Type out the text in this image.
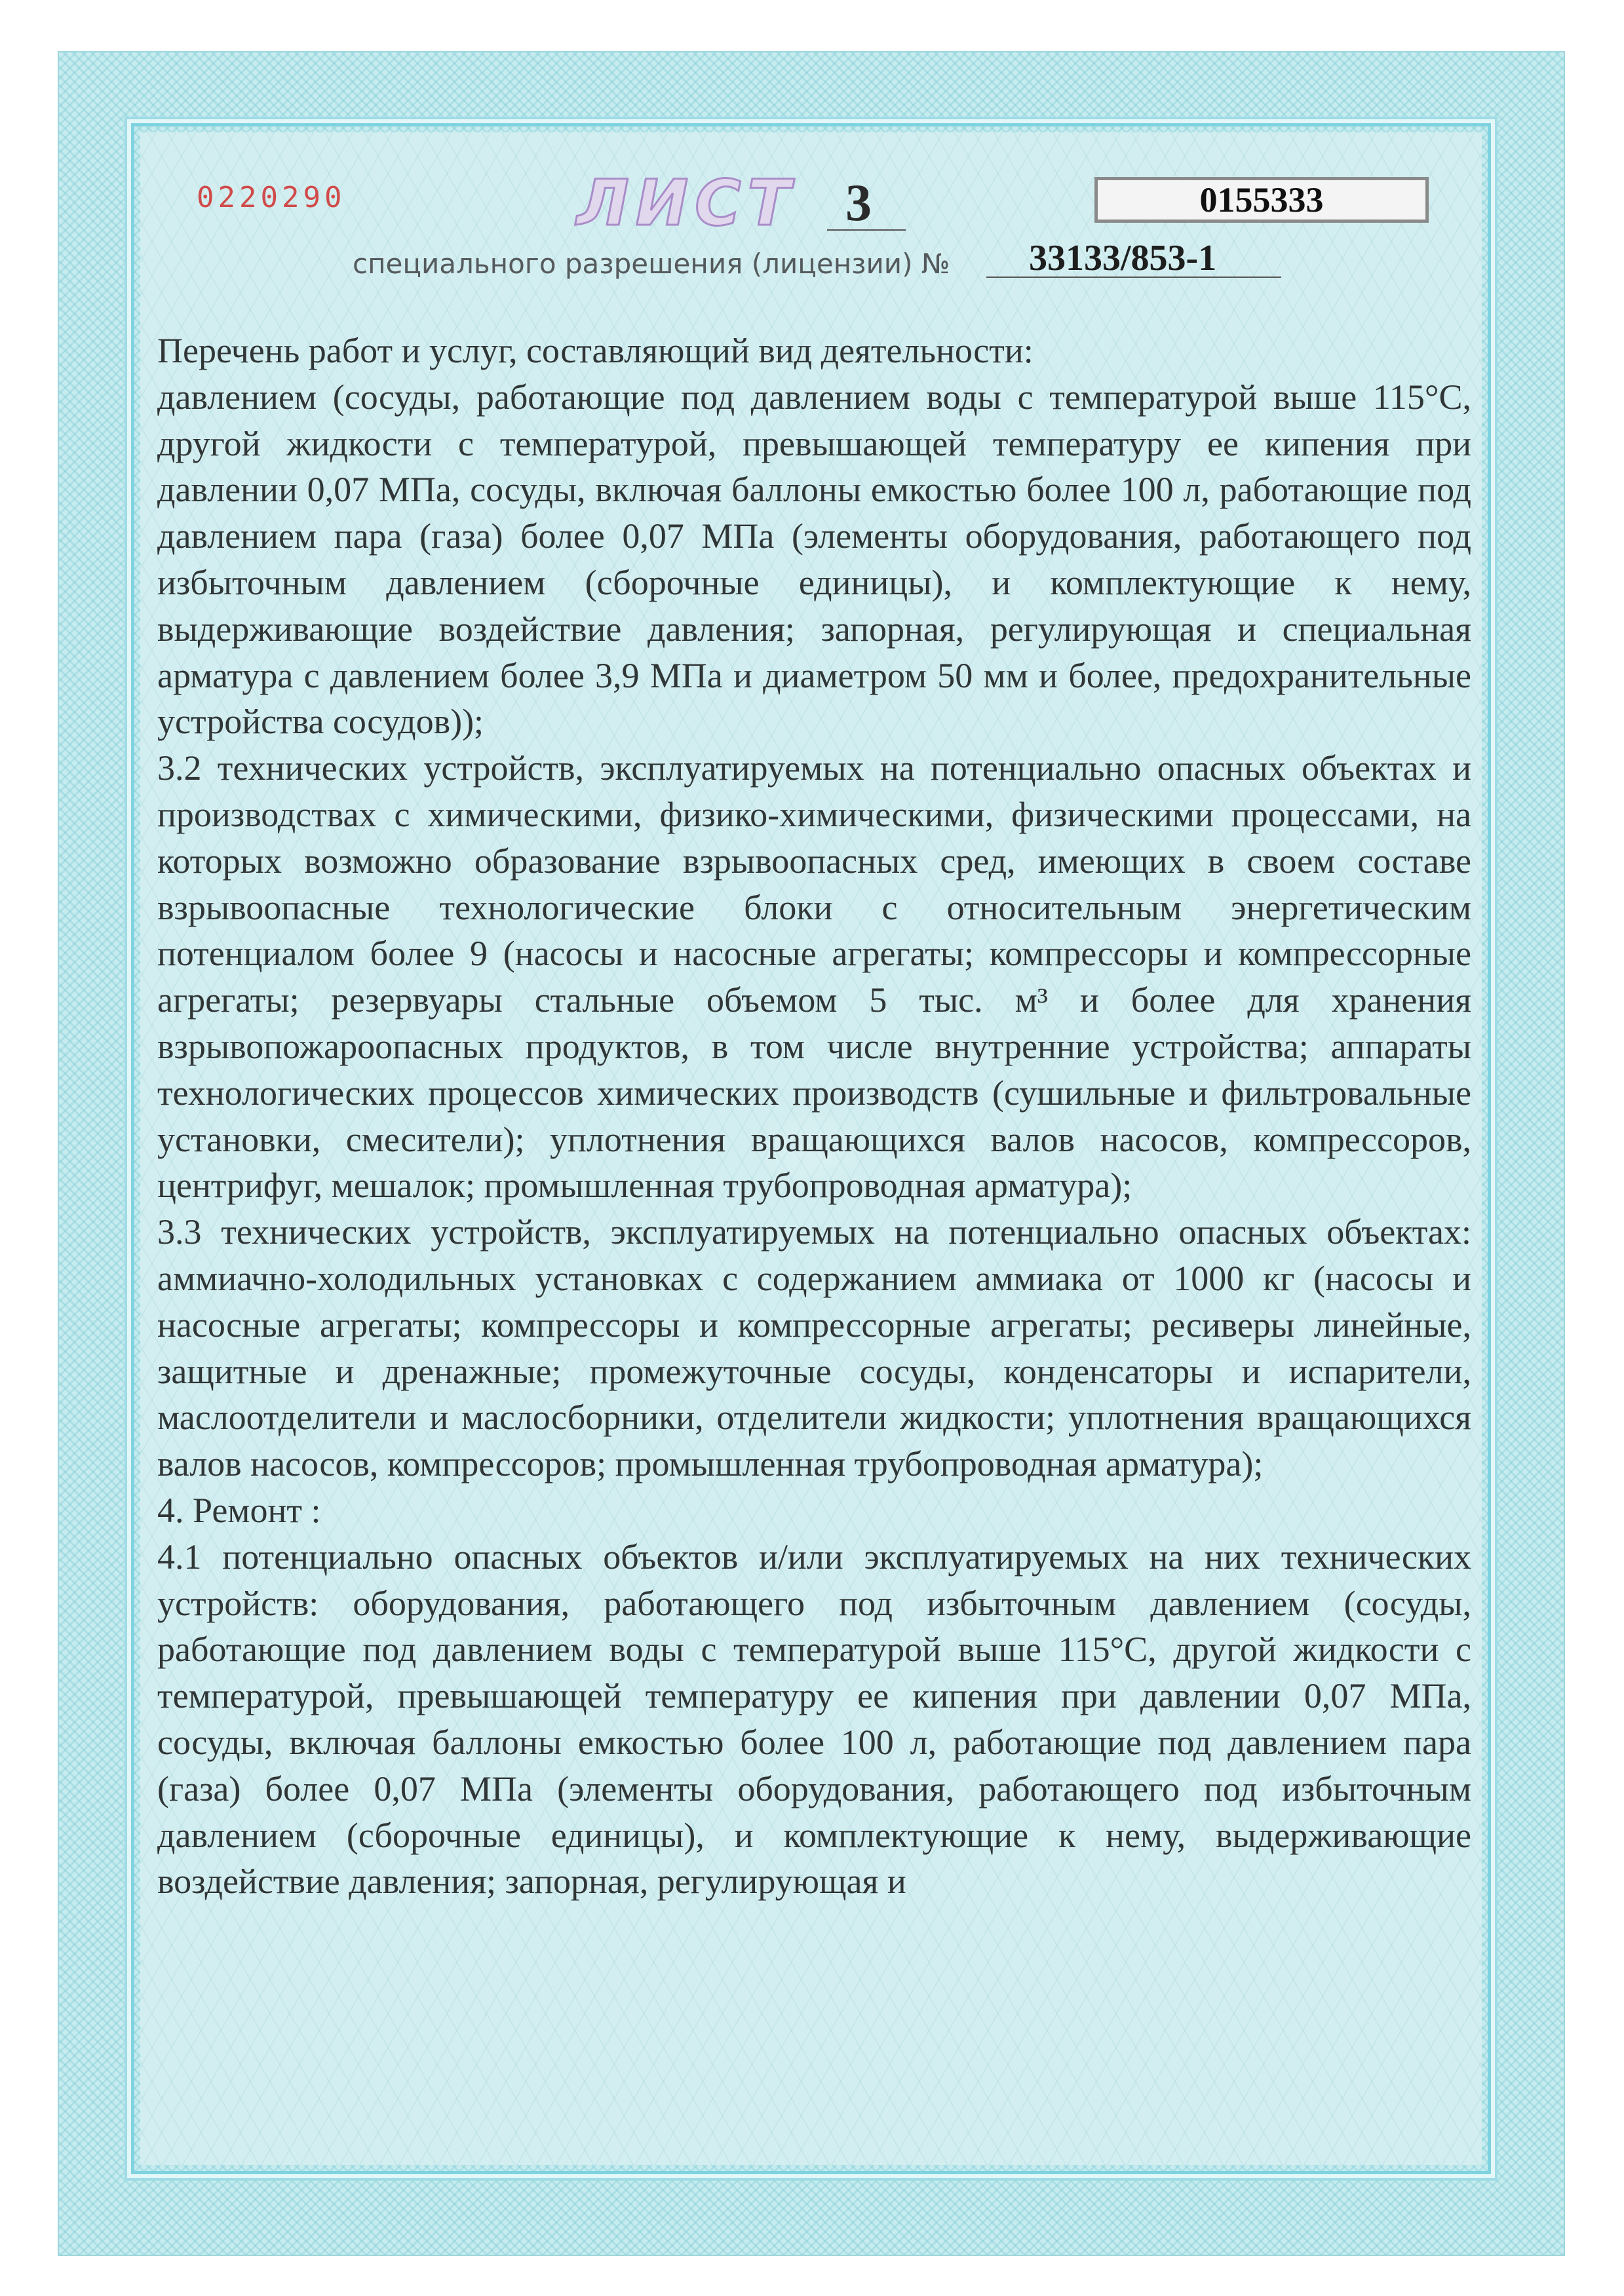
0220290	ЛИСТ 3	0155333
специального разрешения (лицензии) № 33133/853-1

Перечень работ и услуг, составляющий вид деятельности:

давлением (сосуды, работающие под давлением воды с температурой выше 115°С, другой жидкости с температурой, превышающей температуру ее кипения при давлении 0,07 МПа, сосуды, включая баллоны емкостью более 100 л, работающие под давлением пара (газа) более 0,07 МПа (элементы оборудования, работающего под избыточным давлением (сборочные единицы), и комплектующие к нему, выдерживающие воздействие давления; запорная, регулирующая и специальная арматура с давлением более 3,9 МПа и диаметром 50 мм и более, предохранительные устройства сосудов));

3.2 технических устройств, эксплуатируемых на потенциально опасных объектах и производствах с химическими, физико-химическими, физическими процессами, на которых возможно образование взрывоопасных сред, имеющих в своем составе взрывоопасные технологические блоки с относительным энергетическим потенциалом более 9 (насосы и насосные агрегаты; компрессоры и компрессорные агрегаты; резервуары стальные объемом 5 тыс. м³ и более для хранения взрывопожароопасных продуктов, в том числе внутренние устройства; аппараты технологических процессов химических производств (сушильные и фильтровальные установки, смесители); уплотнения вращающихся валов насосов, компрессоров, центрифуг, мешалок; промышленная трубопроводная арматура);

3.3 технических устройств, эксплуатируемых на потенциально опасных объектах: аммиачно-холодильных установках с содержанием аммиака от 1000 кг (насосы и насосные агрегаты; компрессоры и компрессорные агрегаты; ресиверы линейные, защитные и дренажные; промежуточные сосуды, конденсаторы и испарители, маслоотделители и маслосборники, отделители жидкости; уплотнения вращающихся валов насосов, компрессоров; промышленная трубопроводная арматура);

4. Ремонт :

4.1 потенциально опасных объектов и/или эксплуатируемых на них технических устройств: оборудования, работающего под избыточным давлением (сосуды, работающие под давлением воды с температурой выше 115°С, другой жидкости с температурой, превышающей температуру ее кипения при давлении 0,07 МПа, сосуды, включая баллоны емкостью более 100 л, работающие под давлением пара (газа) более 0,07 МПа (элементы оборудования, работающего под избыточным давлением (сборочные единицы), и комплектующие к нему, выдерживающие воздействие давления; запорная, регулирующая и
